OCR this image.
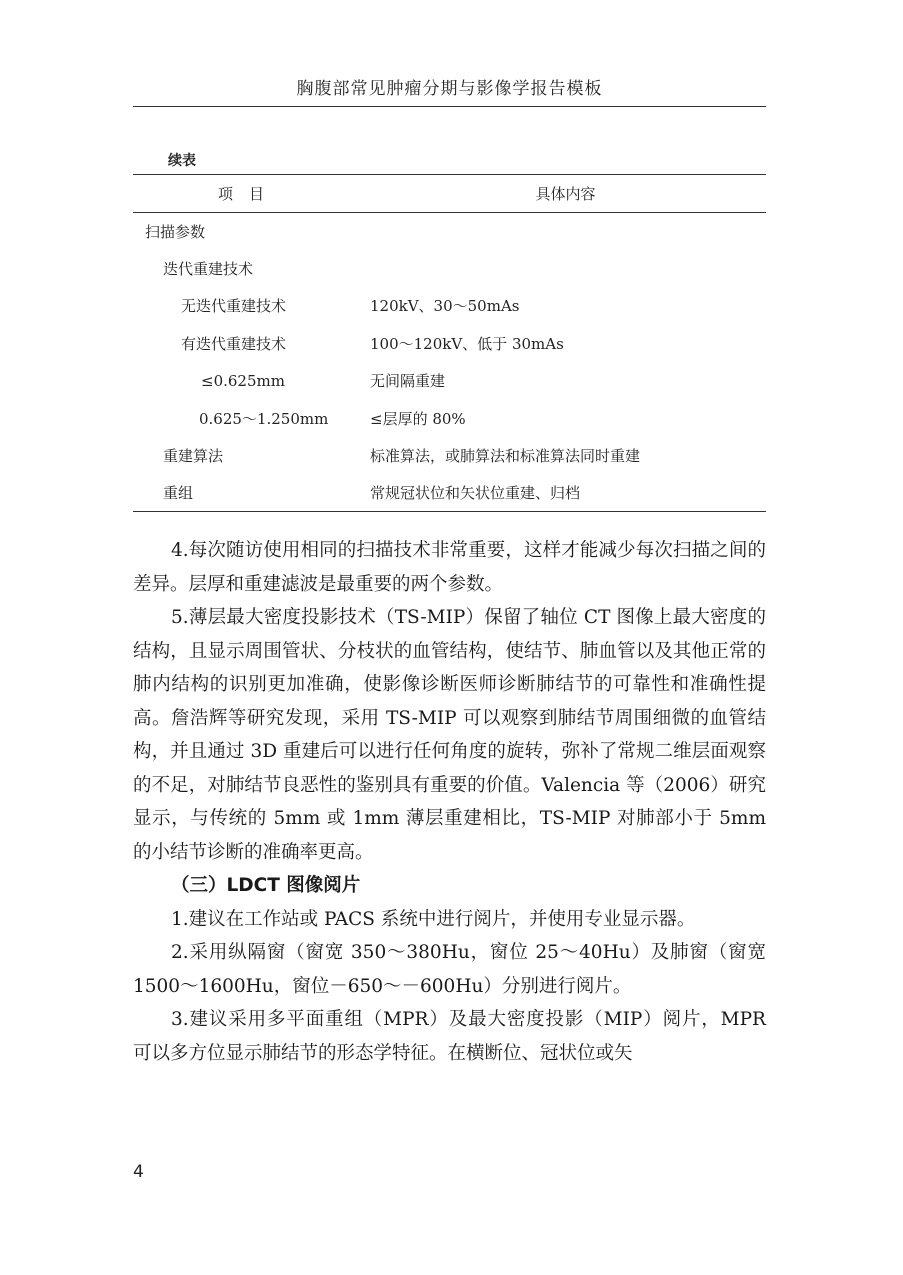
胸腹部常见肿瘤分期与影像学报告模板
续表
项目	具体内容
扫描参数	
迭代重建技术	
无迭代重建技术	120kV、30～50mAs
有迭代重建技术	100～120kV、低于 30mAs
≤0.625mm	无间隔重建
0.625～1.250mm	≤层厚的 80%
重建算法	标准算法，或肺算法和标准算法同时重建
重组	常规冠状位和矢状位重建、归档

4.每次随访使用相同的扫描技术非常重要，这样才能减少每次扫描之间的差异。层厚和重建滤波是最重要的两个参数。

5.薄层最大密度投影技术（TS-MIP）保留了轴位 CT 图像上最大密度的结构，且显示周围管状、分枝状的血管结构，使结节、肺血管以及其他正常的肺内结构的识别更加准确，使影像诊断医师诊断肺结节的可靠性和准确性提高。詹浩辉等研究发现，采用 TS-MIP 可以观察到肺结节周围细微的血管结构，并且通过 3D 重建后可以进行任何角度的旋转，弥补了常规二维层面观察的不足，对肺结节良恶性的鉴别具有重要的价值。Valencia 等（2006）研究显示，与传统的 5mm 或 1mm 薄层重建相比，TS-MIP 对肺部小于 5mm 的小结节诊断的准确率更高。

（三）LDCT 图像阅片

1.建议在工作站或 PACS 系统中进行阅片，并使用专业显示器。

2.采用纵隔窗（窗宽 350～380Hu，窗位 25～40Hu）及肺窗（窗宽 1500～1600Hu，窗位－650～－600Hu）分别进行阅片。

3.建议采用多平面重组（MPR）及最大密度投影（MIP）阅片，MPR 可以多方位显示肺结节的形态学特征。在横断位、冠状位或矢

4
